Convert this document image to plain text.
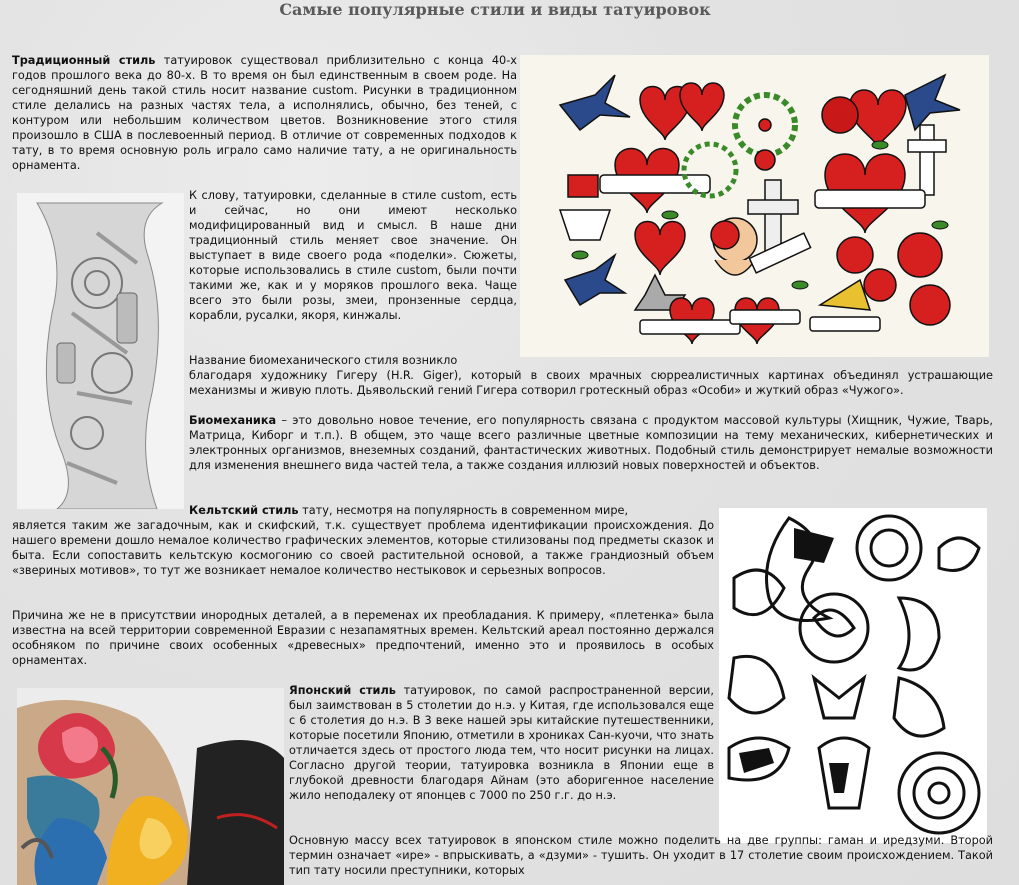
Самые популярные стили и виды татуировок

Традиционный стиль татуировок существовал приблизительно с конца 40-х годов прошлого века до 80-х. В то время он был единственным в своем роде. На сегодняшний день такой стиль носит название custom. Рисунки в традиционном стиле делались на разных частях тела, а исполнялись, обычно, без теней, с контуром или небольшим количеством цветов. Возникновение этого стиля произошло в США в послевоенный период. В отличие от современных подходов к тату, в то время основную роль играло само наличие тату, а не оригинальность орнамента.

К слову, татуировки, сделанные в стиле custom, есть и сейчас, но они имеют несколько модифицированный вид и смысл. В наше дни традиционный стиль меняет свое значение. Он выступает в виде своего рода «поделки». Сюжеты, которые использовались в стиле custom, были почти такими же, как и у моряков прошлого века. Чаще всего это были розы, змеи, пронзенные сердца, корабли, русалки, якоря, кинжалы.

Название биомеханического стиля возникло

благодаря художнику Гигеру (H.R. Giger), который в своих мрачных сюрреалистичных картинах объединял устрашающие механизмы и живую плоть. Дьявольский гений Гигера сотворил гротескный образ «Особи» и жуткий образ «Чужого».

Биомеханика – это довольно новое течение, его популярность связана с продуктом массовой культуры (Хищник, Чужие, Тварь, Матрица, Киборг и т.п.). В общем, это чаще всего различные цветные композиции на тему механических, кибернетических и электронных организмов, внеземных созданий, фантастических животных. Подобный стиль демонстрирует немалые возможности для изменения внешнего вида частей тела, а также создания иллюзий новых поверхностей и объектов.

Кельтский стиль тату, несмотря на популярность в современном мире,

является таким же загадочным, как и скифский, т.к. существует проблема идентификации происхождения. До нашего времени дошло немалое количество графических элементов, которые стилизованы под предметы сказок и быта. Если сопоставить кельтскую космогонию со своей растительной основой, а также грандиозный объем «звериных мотивов», то тут же возникает немалое количество нестыковок и серьезных вопросов.

Причина же не в присутствии инородных деталей, а в переменах их преобладания. К примеру, «плетенка» была известна на всей территории современной Евразии с незапамятных времен. Кельтский ареал постоянно держался особняком по причине своих особенных «древесных» предпочтений, именно это и проявилось в особых орнаментах.

Японский стиль татуировок, по самой распространенной версии, был заимствован в 5 столетии до н.э. у Китая, где использовался еще с 6 столетия до н.э. В 3 веке нашей эры китайские путешественники, которые посетили Японию, отметили в хрониках Сан-куочи, что знать отличается здесь от простого люда тем, что носит рисунки на лицах. Согласно другой теории, татуировка возникла в Японии еще в глубокой древности благодаря Айнам (это аборигенное население жило неподалеку от японцев с 7000 по 250 г.г. до н.э.

Основную массу всех татуировок в японском стиле можно поделить на две группы: гаман и иредзуми. Второй термин означает «ире» - впрыскивать, а «дзуми» - тушить. Он уходит в 17 столетие своим происхождением. Такой тип тату носили преступники, которых
